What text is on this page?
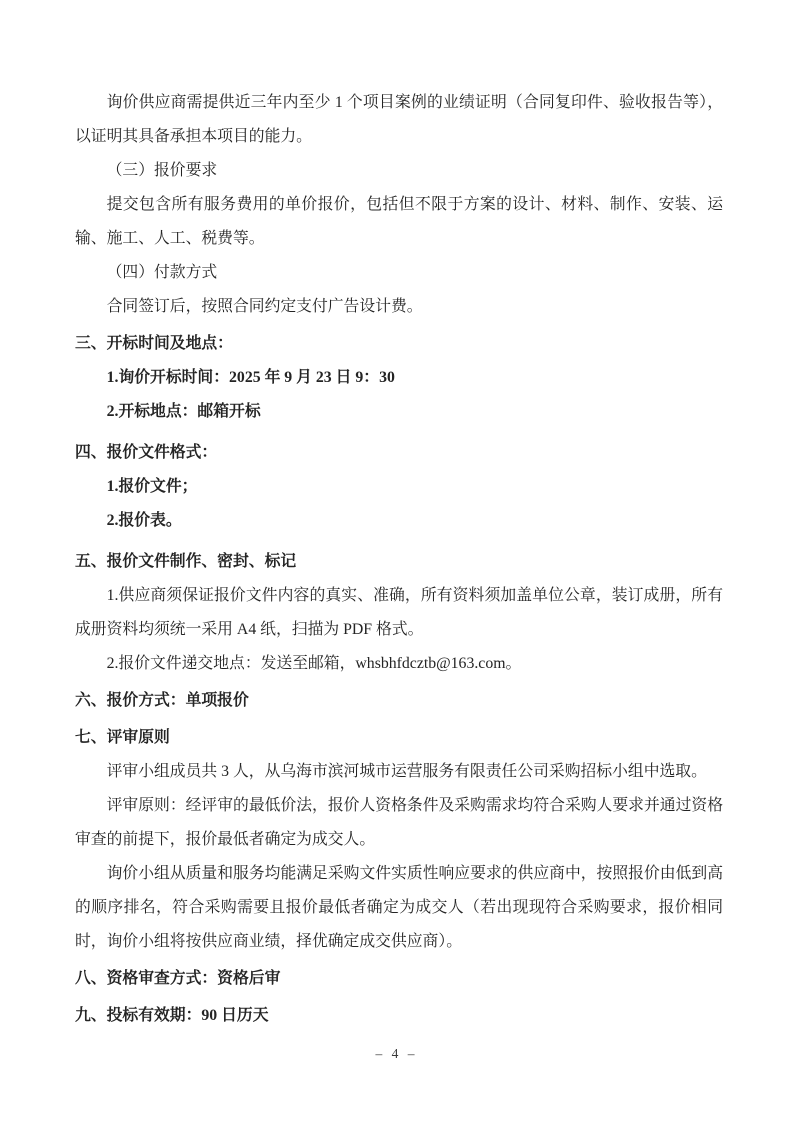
询价供应商需提供近三年内至少 1 个项目案例的业绩证明（合同复印件、验收报告等），以证明其具备承担本项目的能力。

（三）报价要求

提交包含所有服务费用的单价报价，包括但不限于方案的设计、材料、制作、安装、运输、施工、人工、税费等。

（四）付款方式

合同签订后，按照合同约定支付广告设计费。

三、开标时间及地点：

1.询价开标时间：2025 年 9 月 23 日 9：30

2.开标地点：邮箱开标

四、报价文件格式：

1.报价文件；

2.报价表。

五、报价文件制作、密封、标记

1.供应商须保证报价文件内容的真实、准确，所有资料须加盖单位公章，装订成册，所有成册资料均须统一采用 A4 纸，扫描为 PDF 格式。

2.报价文件递交地点：发送至邮箱，whsbhfdcztb@163.com。

六、报价方式：单项报价

七、评审原则

评审小组成员共 3 人，从乌海市滨河城市运营服务有限责任公司采购招标小组中选取。

评审原则：经评审的最低价法，报价人资格条件及采购需求均符合采购人要求并通过资格审查的前提下，报价最低者确定为成交人。

询价小组从质量和服务均能满足采购文件实质性响应要求的供应商中，按照报价由低到高的顺序排名，符合采购需要且报价最低者确定为成交人（若出现现符合采购要求，报价相同时，询价小组将按供应商业绩，择优确定成交供应商）。

八、资格审查方式：资格后审

九、投标有效期：90 日历天

– 4 –
